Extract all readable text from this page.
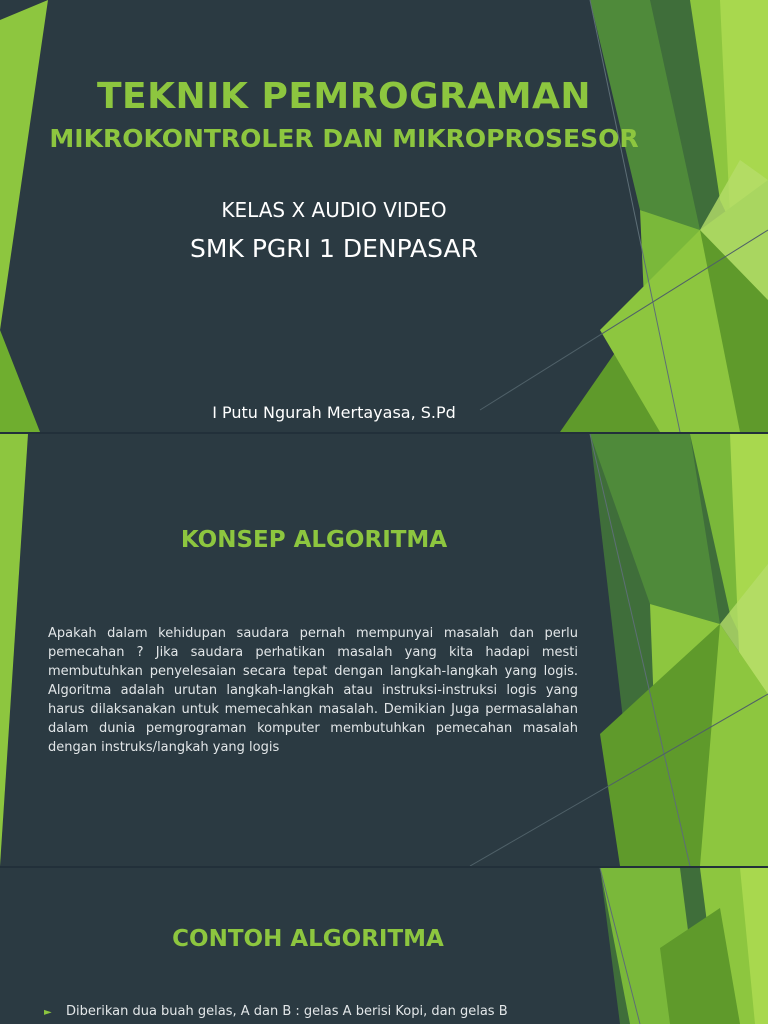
TEKNIK PEMROGRAMAN
MIKROKONTROLER DAN MIKROPROSESOR

KELAS X AUDIO VIDEO

SMK PGRI 1 DENPASAR

I Putu Ngurah Mertayasa, S.Pd

KONSEP ALGORITMA

Apakah dalam kehidupan saudara pernah mempunyai masalah dan perlu pemecahan ? Jika saudara perhatikan masalah yang kita hadapi mesti membutuhkan penyelesaian secara tepat dengan langkah-langkah yang logis. Algoritma adalah urutan langkah-langkah atau instruksi-instruksi logis yang harus dilaksanakan untuk memecahkan masalah. Demikian Juga permasalahan dalam dunia pemgrograman komputer membutuhkan pemecahan masalah dengan instruks/langkah yang logis

CONTOH ALGORITMA

► Diberikan dua buah gelas, A dan B : gelas A berisi Kopi, dan gelas B
